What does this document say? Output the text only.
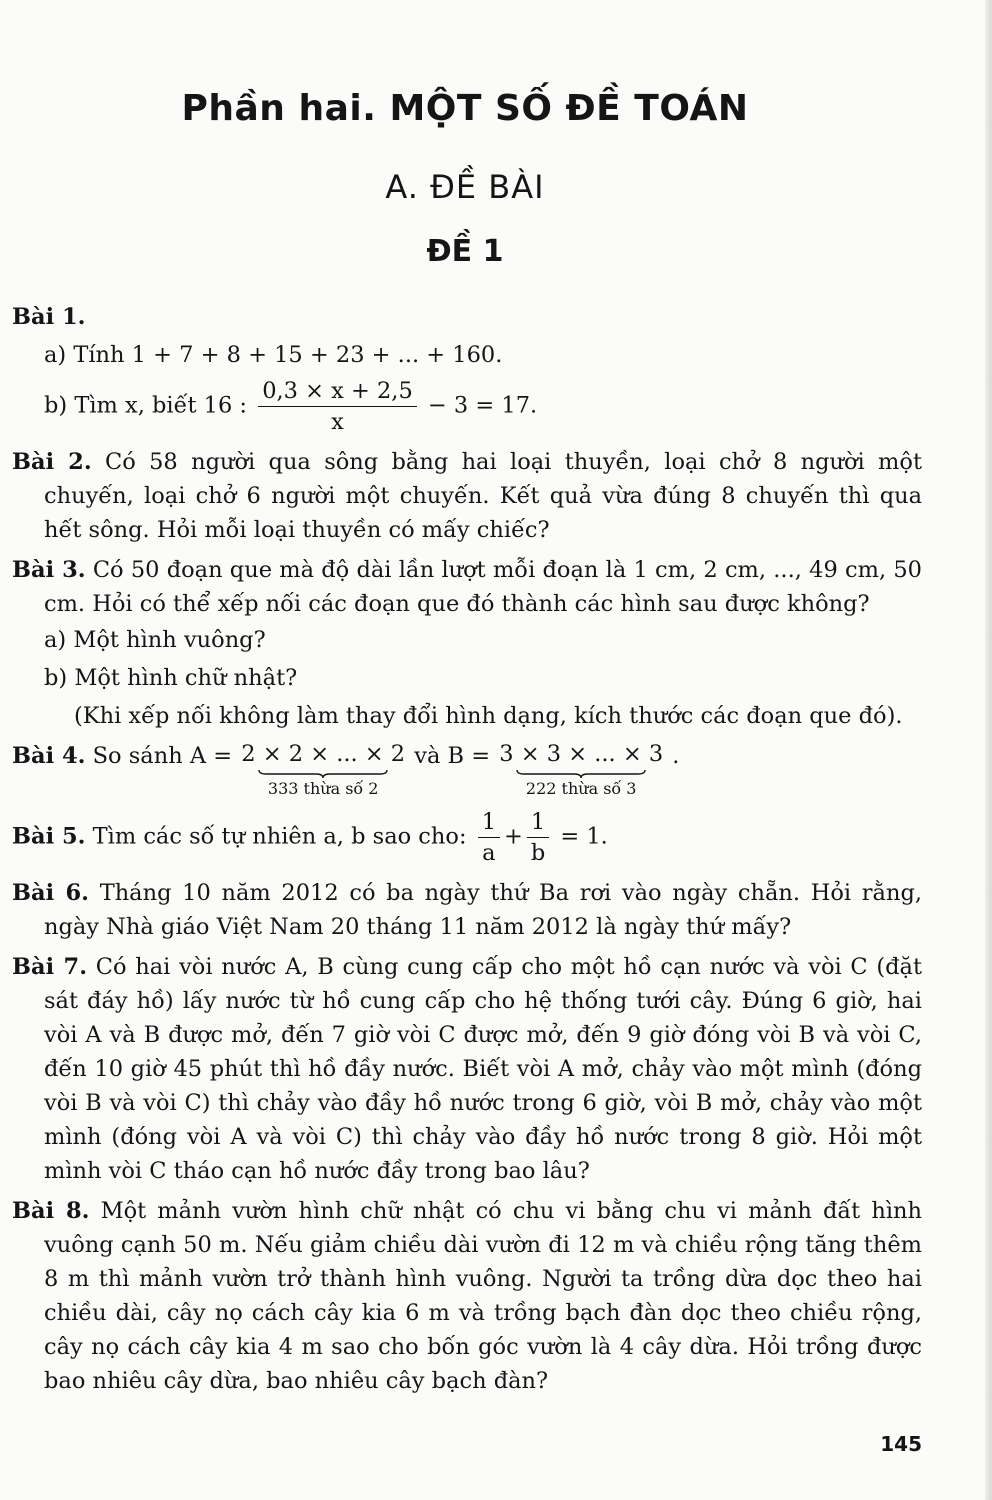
Phần hai. MỘT SỐ ĐỀ TOÁN
A. ĐỀ BÀI
ĐỀ 1

Bài 1.

a) Tính 1 + 7 + 8 + 15 + 23 + ... + 160.

b) Tìm x, biết 16 : $\frac{0,3 \times x + 2,5}{x} - 3 = 17$.

Bài 2. Có 58 người qua sông bằng hai loại thuyền, loại chở 8 người một chuyến, loại chở 6 người một chuyến. Kết quả vừa đúng 8 chuyến thì qua hết sông. Hỏi mỗi loại thuyền có mấy chiếc?

Bài 3. Có 50 đoạn que mà độ dài lần lượt mỗi đoạn là 1 cm, 2 cm, ..., 49 cm, 50 cm. Hỏi có thể xếp nối các đoạn que đó thành các hình sau được không?

a) Một hình vuông?

b) Một hình chữ nhật?

(Khi xếp nối không làm thay đổi hình dạng, kích thước các đoạn que đó).

Bài 4. So sánh A = 2 × 2 × ... × 2
333 thừa số 2
và B = 3 × 3 × ... × 3
222 thừa số 3
.
Bài 5. Tìm các số tự nhiên a, b sao cho: $\frac{1}{a} + \frac{1}{b} = 1$.

Bài 6. Tháng 10 năm 2012 có ba ngày thứ Ba rơi vào ngày chẵn. Hỏi rằng, ngày Nhà giáo Việt Nam 20 tháng 11 năm 2012 là ngày thứ mấy?

Bài 7. Có hai vòi nước A, B cùng cung cấp cho một hồ cạn nước và vòi C (đặt sát đáy hồ) lấy nước từ hồ cung cấp cho hệ thống tưới cây. Đúng 6 giờ, hai vòi A và B được mở, đến 7 giờ vòi C được mở, đến 9 giờ đóng vòi B và vòi C, đến 10 giờ 45 phút thì hồ đầy nước. Biết vòi A mở, chảy vào một mình (đóng vòi B và vòi C) thì chảy vào đầy hồ nước trong 6 giờ, vòi B mở, chảy vào một mình (đóng vòi A và vòi C) thì chảy vào đầy hồ nước trong 8 giờ. Hỏi một mình vòi C tháo cạn hồ nước đầy trong bao lâu?

Bài 8. Một mảnh vườn hình chữ nhật có chu vi bằng chu vi mảnh đất hình vuông cạnh 50 m. Nếu giảm chiều dài vườn đi 12 m và chiều rộng tăng thêm 8 m thì mảnh vườn trở thành hình vuông. Người ta trồng dừa dọc theo hai chiều dài, cây nọ cách cây kia 6 m và trồng bạch đàn dọc theo chiều rộng, cây nọ cách cây kia 4 m sao cho bốn góc vườn là 4 cây dừa. Hỏi trồng được bao nhiêu cây dừa, bao nhiêu cây bạch đàn?

145
